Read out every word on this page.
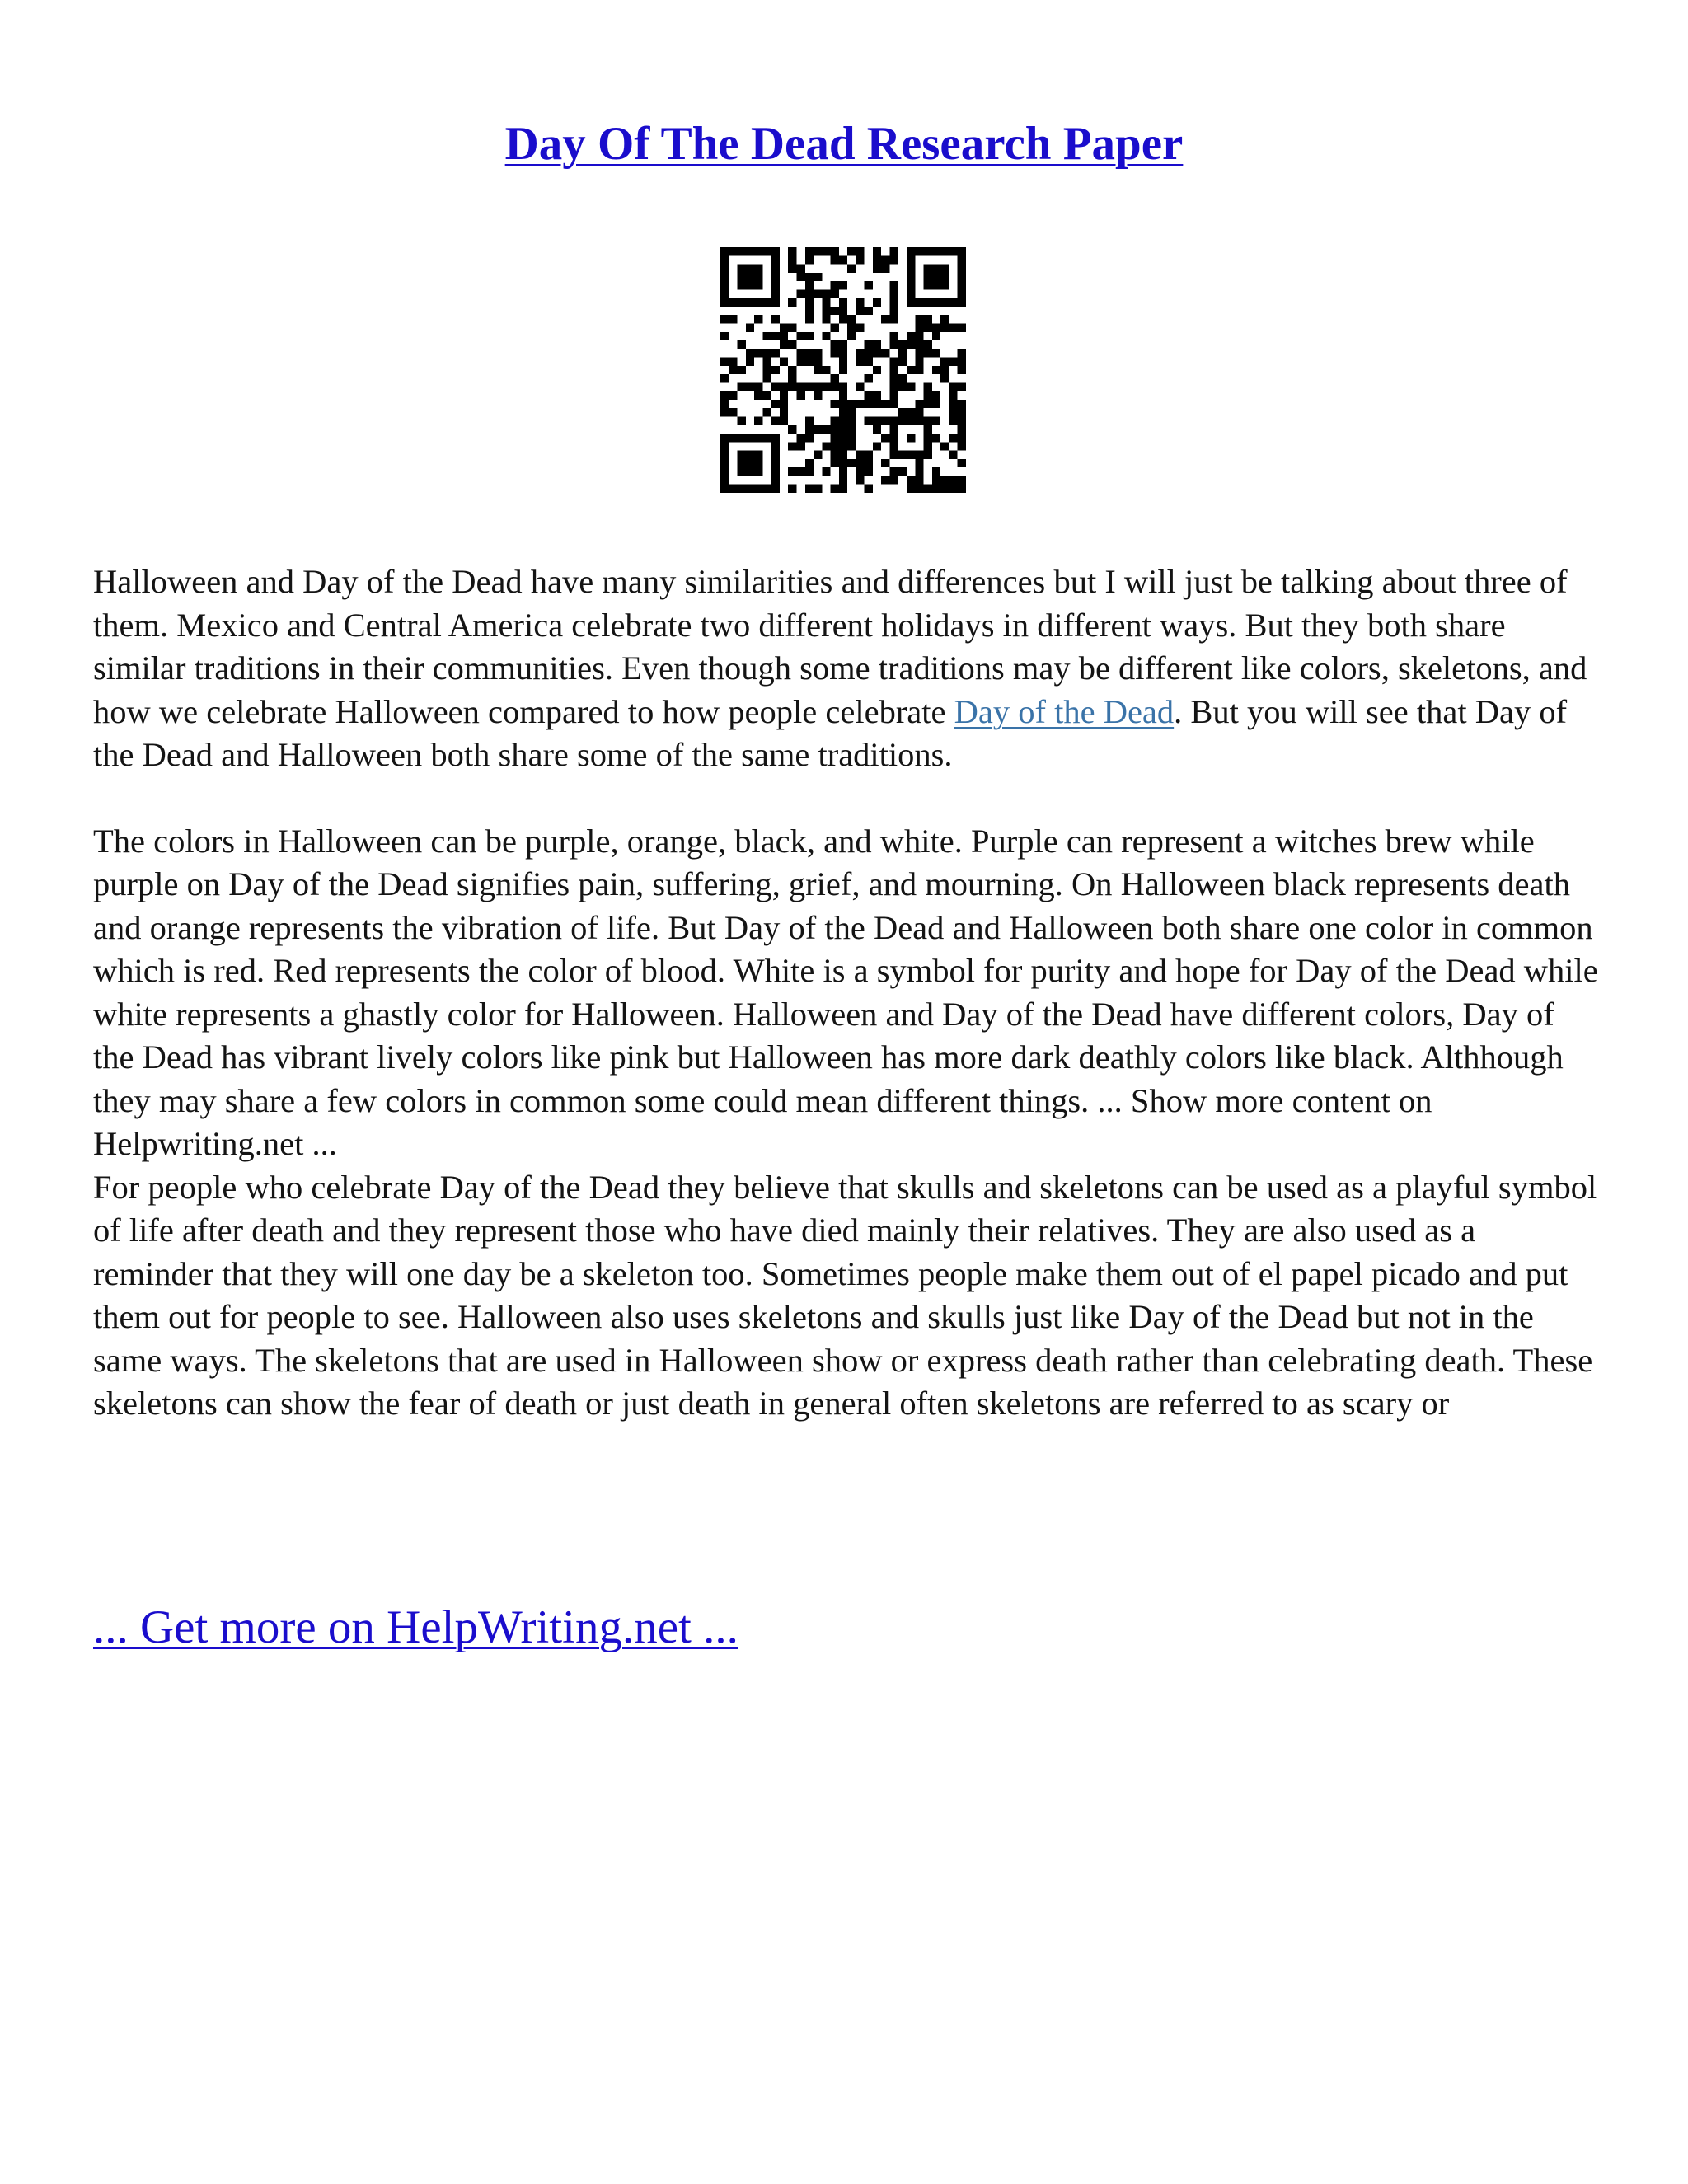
Day Of The Dead Research Paper

Halloween and Day of the Dead have many similarities and differences but I will just be talking about three of them. Mexico and Central America celebrate two different holidays in different ways. But they both share similar traditions in their communities. Even though some traditions may be different like colors, skeletons, and how we celebrate Halloween compared to how people celebrate Day of the Dead. But you will see that Day of the Dead and Halloween both share some of the same traditions.

The colors in Halloween can be purple, orange, black, and white. Purple can represent a witches brew while purple on Day of the Dead signifies pain, suffering, grief, and mourning. On Halloween black represents death and orange represents the vibration of life. But Day of the Dead and Halloween both share one color in common which is red. Red represents the color of blood. White is a symbol for purity and hope for Day of the Dead while white represents a ghastly color for Halloween. Halloween and Day of the Dead have different colors, Day of the Dead has vibrant lively colors like pink but Halloween has more dark deathly colors like black. Althhough they may share a few colors in common some could mean different things. ... Show more content on Helpwriting.net ...

For people who celebrate Day of the Dead they believe that skulls and skeletons can be used as a playful symbol of life after death and they represent those who have died mainly their relatives. They are also used as a reminder that they will one day be a skeleton too. Sometimes people make them out of el papel picado and put them out for people to see. Halloween also uses skeletons and skulls just like Day of the Dead but not in the same ways. The skeletons that are used in Halloween show or express death rather than celebrating death. These skeletons can show the fear of death or just death in general often skeletons are referred to as scary or

... Get more on HelpWriting.net ...
